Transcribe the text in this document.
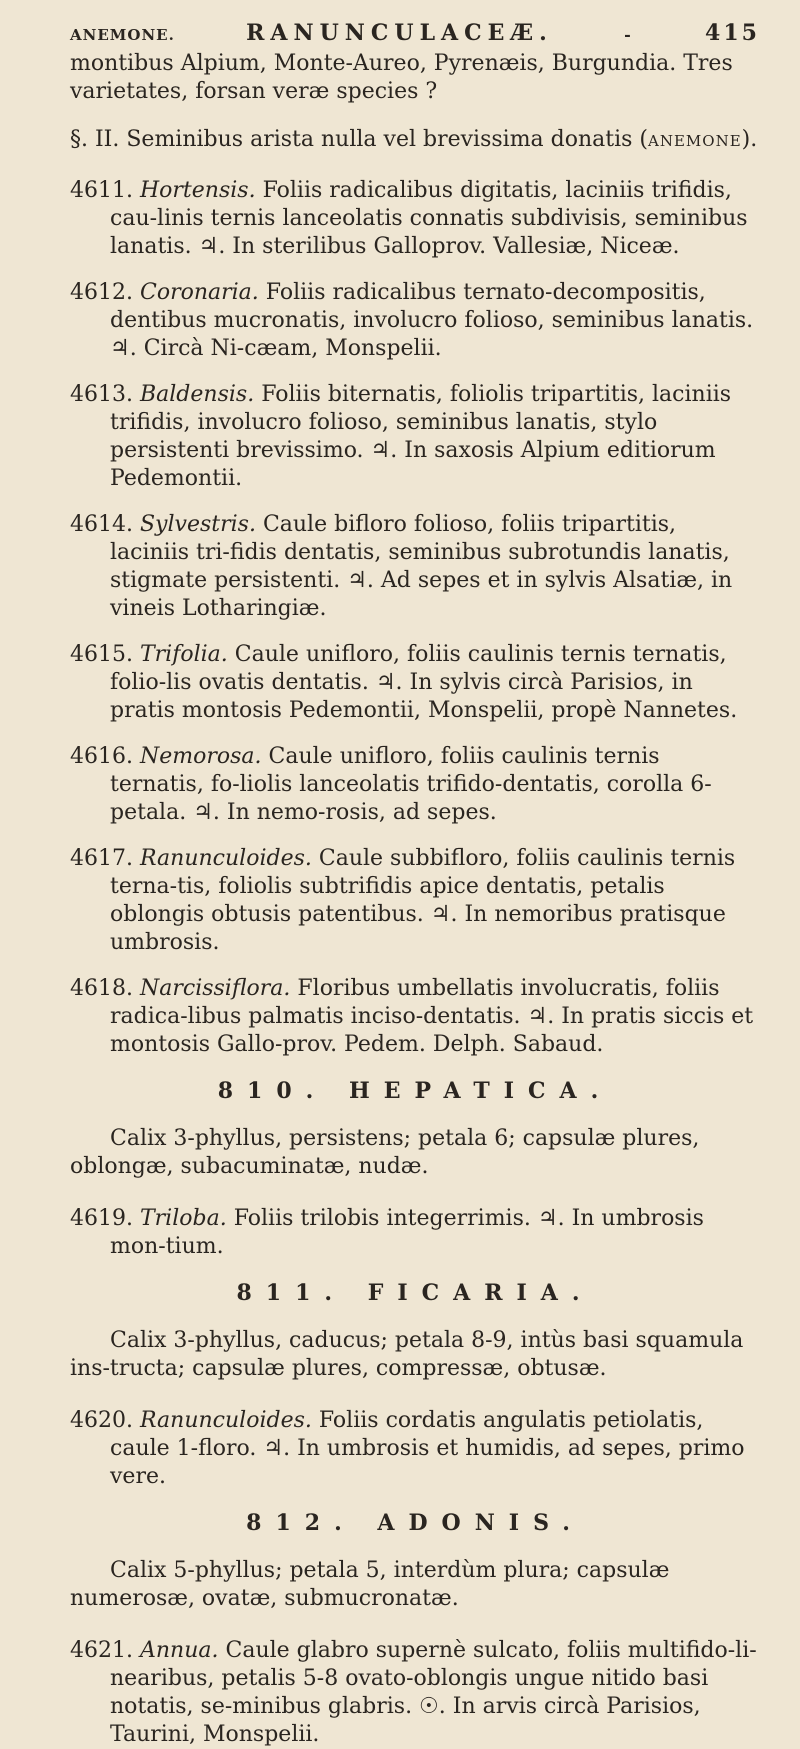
ANEMONE.	RANUNCULACEÆ.	-	415

montibus Alpium, Monte-Aureo, Pyrenæis, Burgundia. Tres varietates, forsan veræ species ?

§. II. Seminibus arista nulla vel brevissima donatis (ANEMONE).

4611. Hortensis. Foliis radicalibus digitatis, laciniis trifidis, cau-linis ternis lanceolatis connatis subdivisis, seminibus lanatis. ♃. In sterilibus Galloprov. Vallesiæ, Niceæ.

4612. Coronaria. Foliis radicalibus ternato-decompositis, dentibus mucronatis, involucro folioso, seminibus lanatis. ♃. Circà Ni-cæam, Monspelii.

4613. Baldensis. Foliis biternatis, foliolis tripartitis, laciniis trifidis, involucro folioso, seminibus lanatis, stylo persistenti brevissimo. ♃. In saxosis Alpium editiorum Pedemontii.

4614. Sylvestris. Caule bifloro folioso, foliis tripartitis, laciniis tri-fidis dentatis, seminibus subrotundis lanatis, stigmate persistenti. ♃. Ad sepes et in sylvis Alsatiæ, in vineis Lotharingiæ.

4615. Trifolia. Caule unifloro, foliis caulinis ternis ternatis, folio-lis ovatis dentatis. ♃. In sylvis circà Parisios, in pratis montosis Pedemontii, Monspelii, propè Nannetes.

4616. Nemorosa. Caule unifloro, foliis caulinis ternis ternatis, fo-liolis lanceolatis trifido-dentatis, corolla 6-petala. ♃. In nemo-rosis, ad sepes.

4617. Ranunculoides. Caule subbifloro, foliis caulinis ternis terna-tis, foliolis subtrifidis apice dentatis, petalis oblongis obtusis patentibus. ♃. In nemoribus pratisque umbrosis.

4618. Narcissiflora. Floribus umbellatis involucratis, foliis radica-libus palmatis inciso-dentatis. ♃. In pratis siccis et montosis Gallo-prov. Pedem. Delph. Sabaud.

810. HEPATICA.

Calix 3-phyllus, persistens; petala 6; capsulæ plures, oblongæ, subacuminatæ, nudæ.

4619. Triloba. Foliis trilobis integerrimis. ♃. In umbrosis mon-tium.

811. FICARIA.

Calix 3-phyllus, caducus; petala 8-9, intùs basi squamula ins-tructa; capsulæ plures, compressæ, obtusæ.

4620. Ranunculoides. Foliis cordatis angulatis petiolatis, caule 1-floro. ♃. In umbrosis et humidis, ad sepes, primo vere.

812. ADONIS.

Calix 5-phyllus; petala 5, interdùm plura; capsulæ numerosæ, ovatæ, submucronatæ.

4621. Annua. Caule glabro supernè sulcato, foliis multifido-li-nearibus, petalis 5-8 ovato-oblongis ungue nitido basi notatis, se-minibus glabris. ☉. In arvis circà Parisios, Taurini, Monspelii.
